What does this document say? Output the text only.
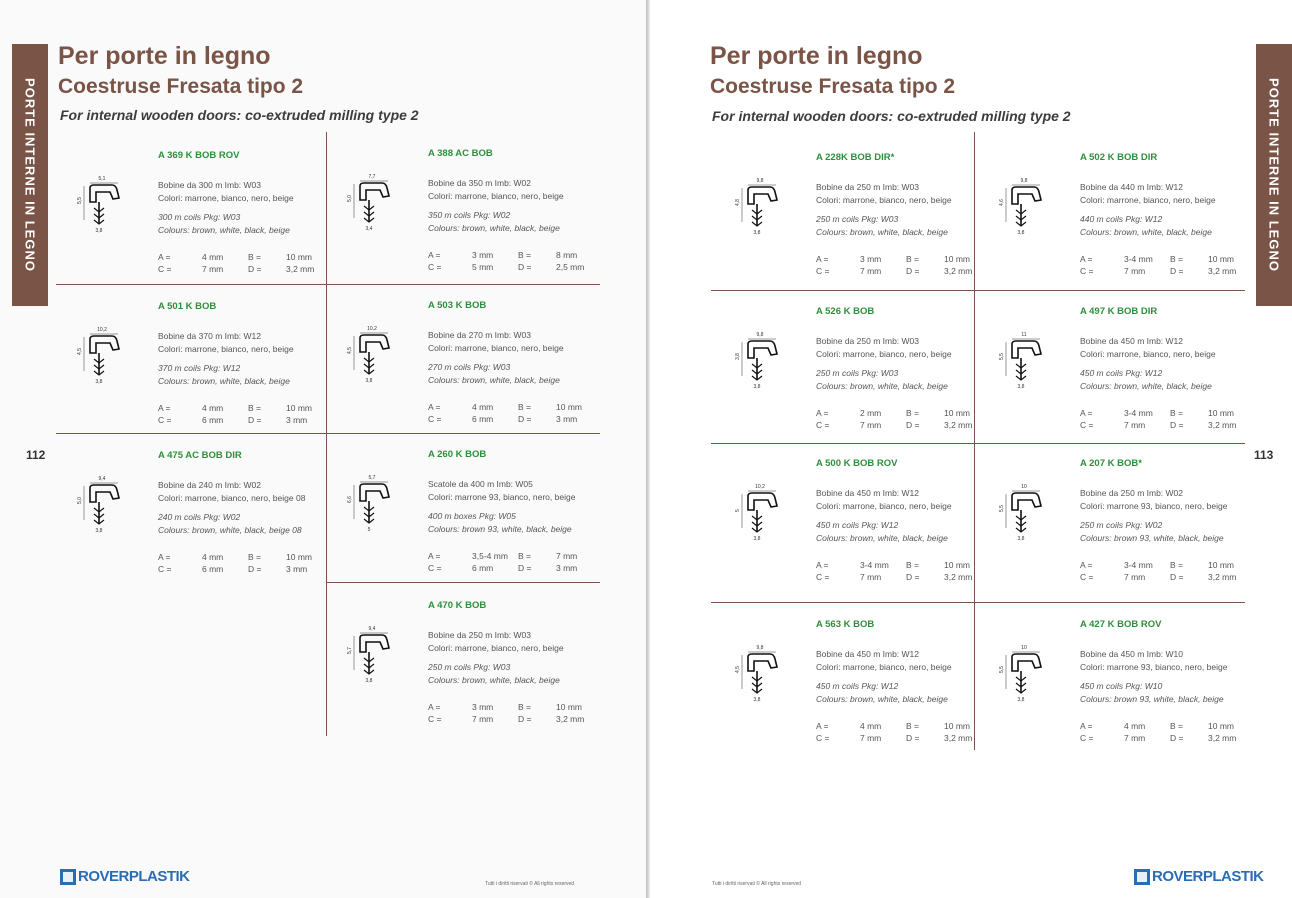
PORTE INTERNE IN LEGNO
112
Per porte in legno
Coestruse Fresata tipo 2
For internal wooden doors: co-extruded milling type 2
5,1
5,5
3,8
A 369 K BOB ROV
Bobine da 300 m Imb: W03
Colori: marrone, bianco, nero, beige
300 m coils Pkg: W03
Colours: brown, white, black, beige
A =	4 mm	B =	10 mm
C =	7 mm	D =	3,2 mm
7,7
5,0
3,4
A 388 AC BOB
Bobine da 350 m Imb: W02
Colori: marrone, bianco, nero, beige
350 m coils Pkg: W02
Colours: brown, white, black, beige
A =	3 mm	B =	8 mm
C =	5 mm	D =	2,5 mm
10,2
4,5
3,8
A 501 K BOB
Bobine da 370 m Imb: W12
Colori: marrone, bianco, nero, beige
370 m coils Pkg: W12
Colours: brown, white, black, beige
A =	4 mm	B =	10 mm
C =	6 mm	D =	3 mm
10,2
4,5
3,8
A 503 K BOB
Bobine da 270 m Imb: W03
Colori: marrone, bianco, nero, beige
270 m coils Pkg: W03
Colours: brown, white, black, beige
A =	4 mm	B =	10 mm
C =	6 mm	D =	3 mm
9,4
5,0
3,8
A 475 AC BOB DIR
Bobine da 240 m Imb: W02
Colori: marrone, bianco, nero, beige 08
240 m coils Pkg: W02
Colours: brown, white, black, beige 08
A =	4 mm	B =	10 mm
C =	6 mm	D =	3 mm
5,7
6,6
5
A 260 K BOB
Scatole da 400 m Imb: W05
Colori: marrone 93, bianco, nero, beige
400 m boxes Pkg: W05
Colours: brown 93, white, black, beige
A =	3,5-4 mm B =	7 mm
C =	6 mm	D =	3 mm
9,4
5,7
3,8
A 470 K BOB
Bobine da 250 m Imb: W03
Colori: marrone, bianco, nero, beige
250 m coils Pkg: W03
Colours: brown, white, black, beige
A =	3 mm	B =	10 mm
C =	7 mm	D =	3,2 mm
ROVERPLASTIK	Tutti i diritti riservati © All rights reserved
PORTE INTERNE IN LEGNO
113
Per porte in legno
Coestruse Fresata tipo 2
For internal wooden doors: co-extruded milling type 2
9,8
4,8
3,8
A 228K BOB DIR*
Bobine da 250 m Imb: W03
Colori: marrone, bianco, nero, beige
250 m coils Pkg: W03
Colours: brown, white, black, beige
A =	3 mm	B =	10 mm
C =	7 mm	D =	3,2 mm
9,8
4,6
3,8
A 502 K BOB DIR
Bobine da 440 m Imb: W12
Colori: marrone, bianco, nero, beige
440 m coils Pkg: W12
Colours: brown, white, black, beige
A =	3-4 mm B =	10 mm
C =	7 mm	D =	3,2 mm
9,8
3,8
3,8
A 526 K BOB
Bobine da 250 m Imb: W03
Colori: marrone, bianco, nero, beige
250 m coils Pkg: W03
Colours: brown, white, black, beige
A =	2 mm	B =	10 mm
C =	7 mm	D =	3,2 mm
11
5,5
3,8
A 497 K BOB DIR
Bobine da 450 m Imb: W12
Colori: marrone, bianco, nero, beige
450 m coils Pkg: W12
Colours: brown, white, black, beige
A =	3-4 mm B =	10 mm
C =	7 mm	D =	3,2 mm
10,2
5
3,8
A 500 K BOB ROV
Bobine da 450 m Imb: W12
Colori: marrone, bianco, nero, beige
450 m coils Pkg: W12
Colours: brown, white, black, beige
A =	3-4 mm B =	10 mm
C =	7 mm	D =	3,2 mm
10
5,5
3,8
A 207 K BOB*
Bobine da 250 m Imb: W02
Colori: marrone 93, bianco, nero, beige
250 m coils Pkg: W02
Colours: brown 93, white, black, beige
A =	3-4 mm B =	10 mm
C =	7 mm	D =	3,2 mm
9,8
4,5
3,8
A 563 K BOB
Bobine da 450 m Imb: W12
Colori: marrone, bianco, nero, beige
450 m coils Pkg: W12
Colours: brown, white, black, beige
A =	4 mm	B =	10 mm
C =	7 mm	D =	3,2 mm
10
5,5
3,8
A 427 K BOB ROV
Bobine da 450 m Imb: W10
Colori: marrone 93, bianco, nero, beige
450 m coils Pkg: W10
Colours: brown 93, white, black, beige
A =	4 mm	B =	10 mm
C =	7 mm	D =	3,2 mm
ROVERPLASTIK
Tutti i diritti riservati © All rights reserved
